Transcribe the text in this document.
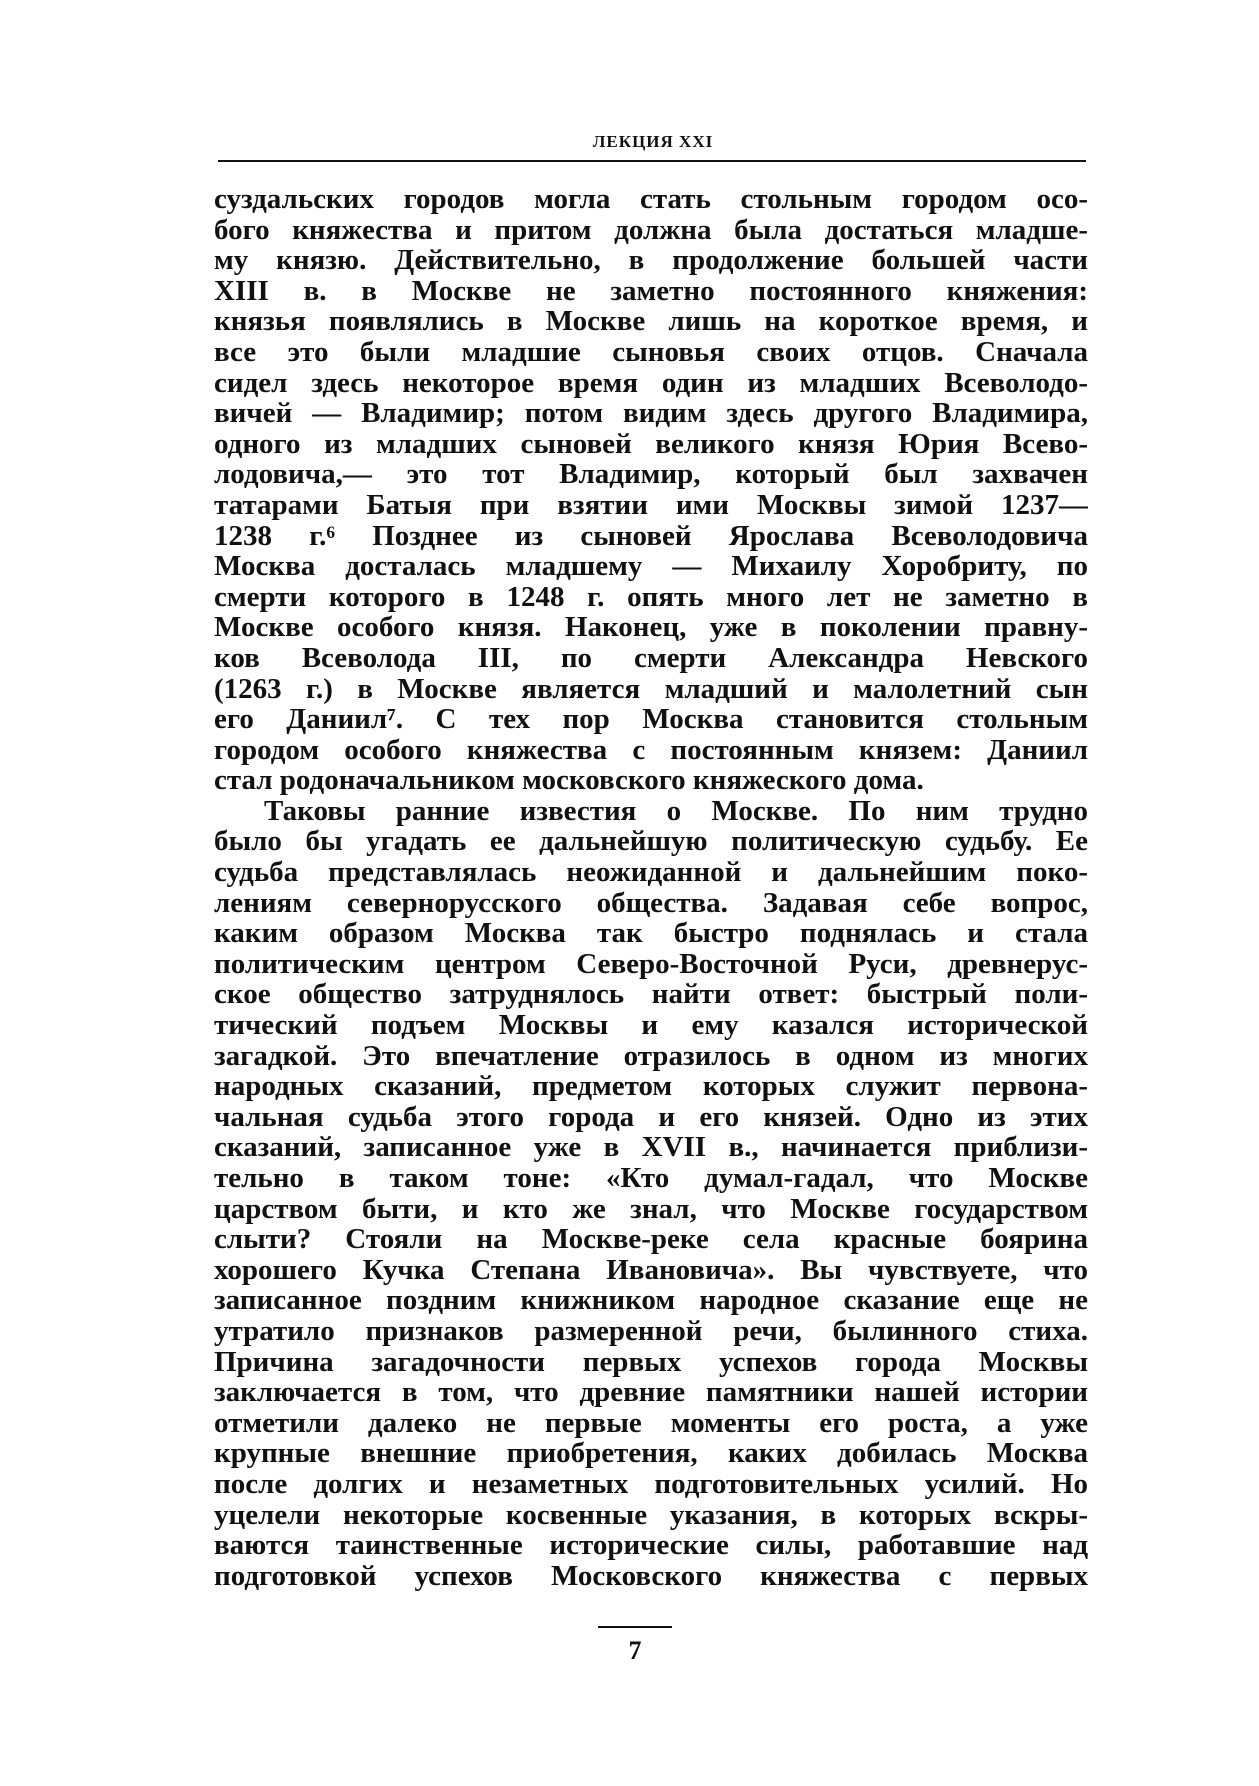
ЛЕКЦИЯ XXI
суздальских городов могла стать стольным городом осо-
бого княжества и притом должна была достаться младше-
му князю. Действительно, в продолжение большей части
XIII в. в Москве не заметно постоянного княжения:
князья появлялись в Москве лишь на короткое время, и
все это были младшие сыновья своих отцов. Сначала
сидел здесь некоторое время один из младших Всеволодо-
вичей — Владимир; потом видим здесь другого Владимира,
одного из младших сыновей великого князя Юрия Всево-
лодовича,— это тот Владимир, который был захвачен
татарами Батыя при взятии ими Москвы зимой 1237—
1238 г.⁶ Позднее из сыновей Ярослава Всеволодовича
Москва досталась младшему — Михаилу Хоробриту, по
смерти которого в 1248 г. опять много лет не заметно в
Москве особого князя. Наконец, уже в поколении правну-
ков Всеволода III, по смерти Александра Невского
(1263 г.) в Москве является младший и малолетний сын
его Даниил⁷. С тех пор Москва становится стольным
городом особого княжества с постоянным князем: Даниил
стал родоначальником московского княжеского дома.
Таковы ранние известия о Москве. По ним трудно
было бы угадать ее дальнейшую политическую судьбу. Ее
судьба представлялась неожиданной и дальнейшим поко-
лениям севернорусского общества. Задавая себе вопрос,
каким образом Москва так быстро поднялась и стала
политическим центром Северо-Восточной Руси, древнерус-
ское общество затруднялось найти ответ: быстрый поли-
тический подъем Москвы и ему казался исторической
загадкой. Это впечатление отразилось в одном из многих
народных сказаний, предметом которых служит первона-
чальная судьба этого города и его князей. Одно из этих
сказаний, записанное уже в XVII в., начинается приблизи-
тельно в таком тоне: «Кто думал-гадал, что Москве
царством быти, и кто же знал, что Москве государством
слыти? Стояли на Москве-реке села красные боярина
хорошего Кучка Степана Ивановича». Вы чувствуете, что
записанное поздним книжником народное сказание еще не
утратило признаков размеренной речи, былинного стиха.
Причина загадочности первых успехов города Москвы
заключается в том, что древние памятники нашей истории
отметили далеко не первые моменты его роста, а уже
крупные внешние приобретения, каких добилась Москва
после долгих и незаметных подготовительных усилий. Но
уцелели некоторые косвенные указания, в которых вскры-
ваются таинственные исторические силы, работавшие над
подготовкой успехов Московского княжества с первых
7
